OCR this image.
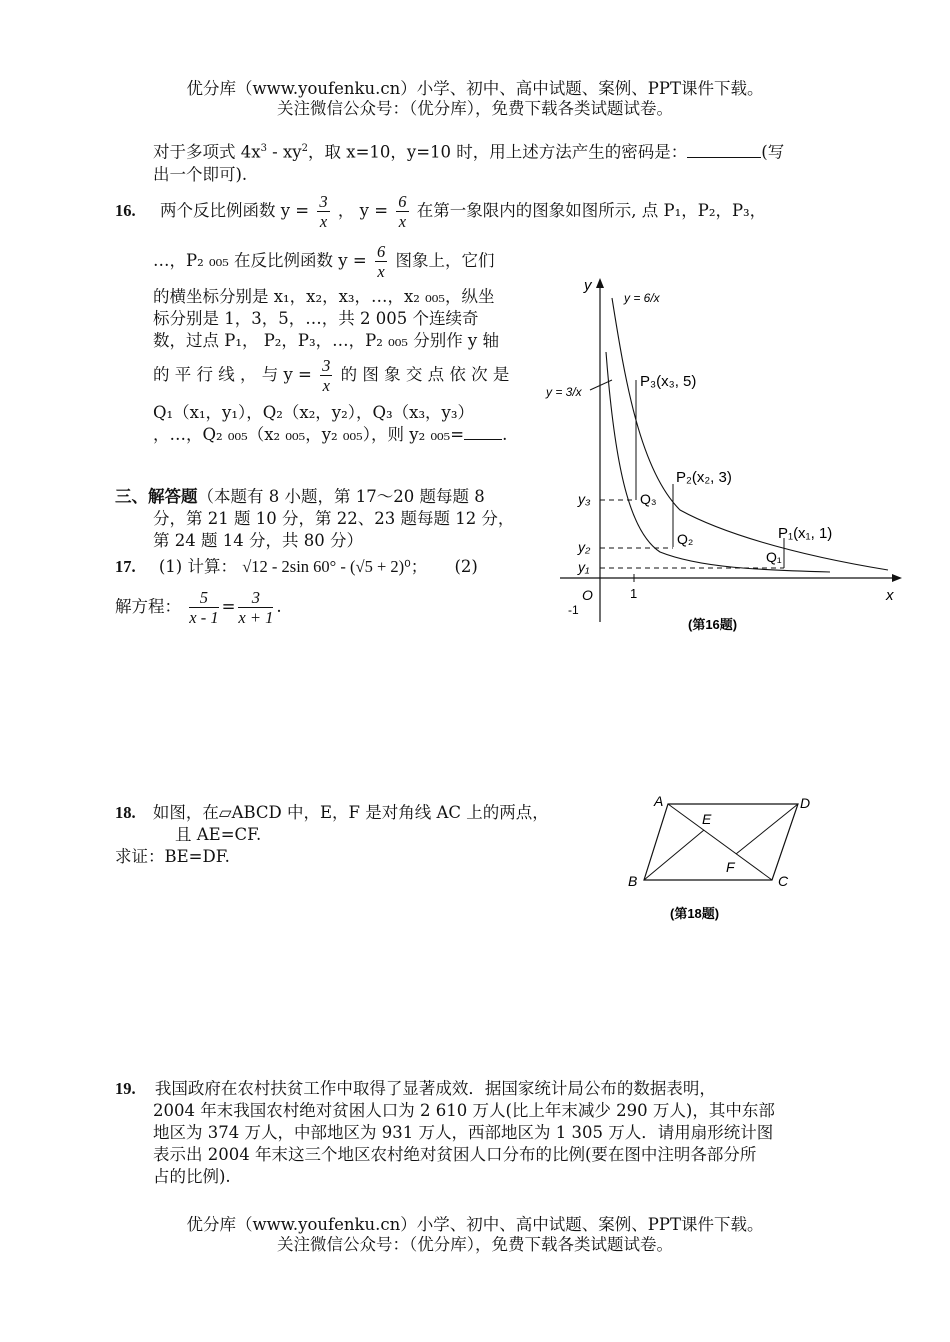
优分库（www.youfenku.cn）小学、初中、高中试题、案例、PPT课件下载。
关注微信公众号：（优分库），免费下载各类试题试卷。
对于多项式 $4x^3 - xy^2$，取 x=10，y=10 时，用上述方法产生的密码是：	(写
出一个即可).
16. 两个反比例函数 $y = \frac{3}{x}$ ， $y = \frac{6}{x}$ 在第一象限内的图象如图所示, 点 P₁，P₂，P₃，
…，P₂ ₀₀₅ 在反比例函数 $y = \frac{6}{x}$ 图象上，它们
的横坐标分别是 x₁，x₂，x₃，…，x₂ ₀₀₅，纵坐
标分别是 1，3，5，…，共 2 005 个连续奇
数，过点 P₁， P₂，P₃，…，P₂ ₀₀₅ 分别作 y 轴
的 平 行 线 ， 与 $y = \frac{3}{x}$ 的 图 象 交 点 依 次 是
Q₁（x₁，y₁），Q₂（x₂，y₂），Q₃（x₃，y₃）
，…，Q₂ ₀₀₅（x₂ ₀₀₅，y₂ ₀₀₅），则 y₂ ₀₀₅= .
三、解答题（本题有 8 小题，第 17～20 题每题 8
分，第 21 题 10 分，第 22、23 题每题 12 分，
第 24 题 14 分，共 80 分）
17. (1) 计算： √12 - 2sin 60° - (√5 + 2)⁰； (2)
解方程： $\frac{5}{x - 1} = \frac{3}{x + 1}$ .
y
x
O
-1
1
y = 6/x
y = 3/x
P₃(x₃, 5)
P₂(x₂, 3)
P₁(x₁, 1)
Q₃
Q₂
Q₁
y₃
y₂
y₁
(第16题)
18. 如图，在▱ABCD 中，E，F 是对角线 AC 上的两点，
且 AE=CF.
求证：BE=DF.
A	D
B	C
E
F
(第18题)
19. 我国政府在农村扶贫工作中取得了显著成效．据国家统计局公布的数据表明，
2004 年末我国农村绝对贫困人口为 2 610 万人(比上年末减少 290 万人)，其中东部
地区为 374 万人，中部地区为 931 万人，西部地区为 1 305 万人．请用扇形统计图
表示出 2004 年末这三个地区农村绝对贫困人口分布的比例(要在图中注明各部分所
占的比例).
优分库（www.youfenku.cn）小学、初中、高中试题、案例、PPT课件下载。
关注微信公众号：（优分库），免费下载各类试题试卷。
